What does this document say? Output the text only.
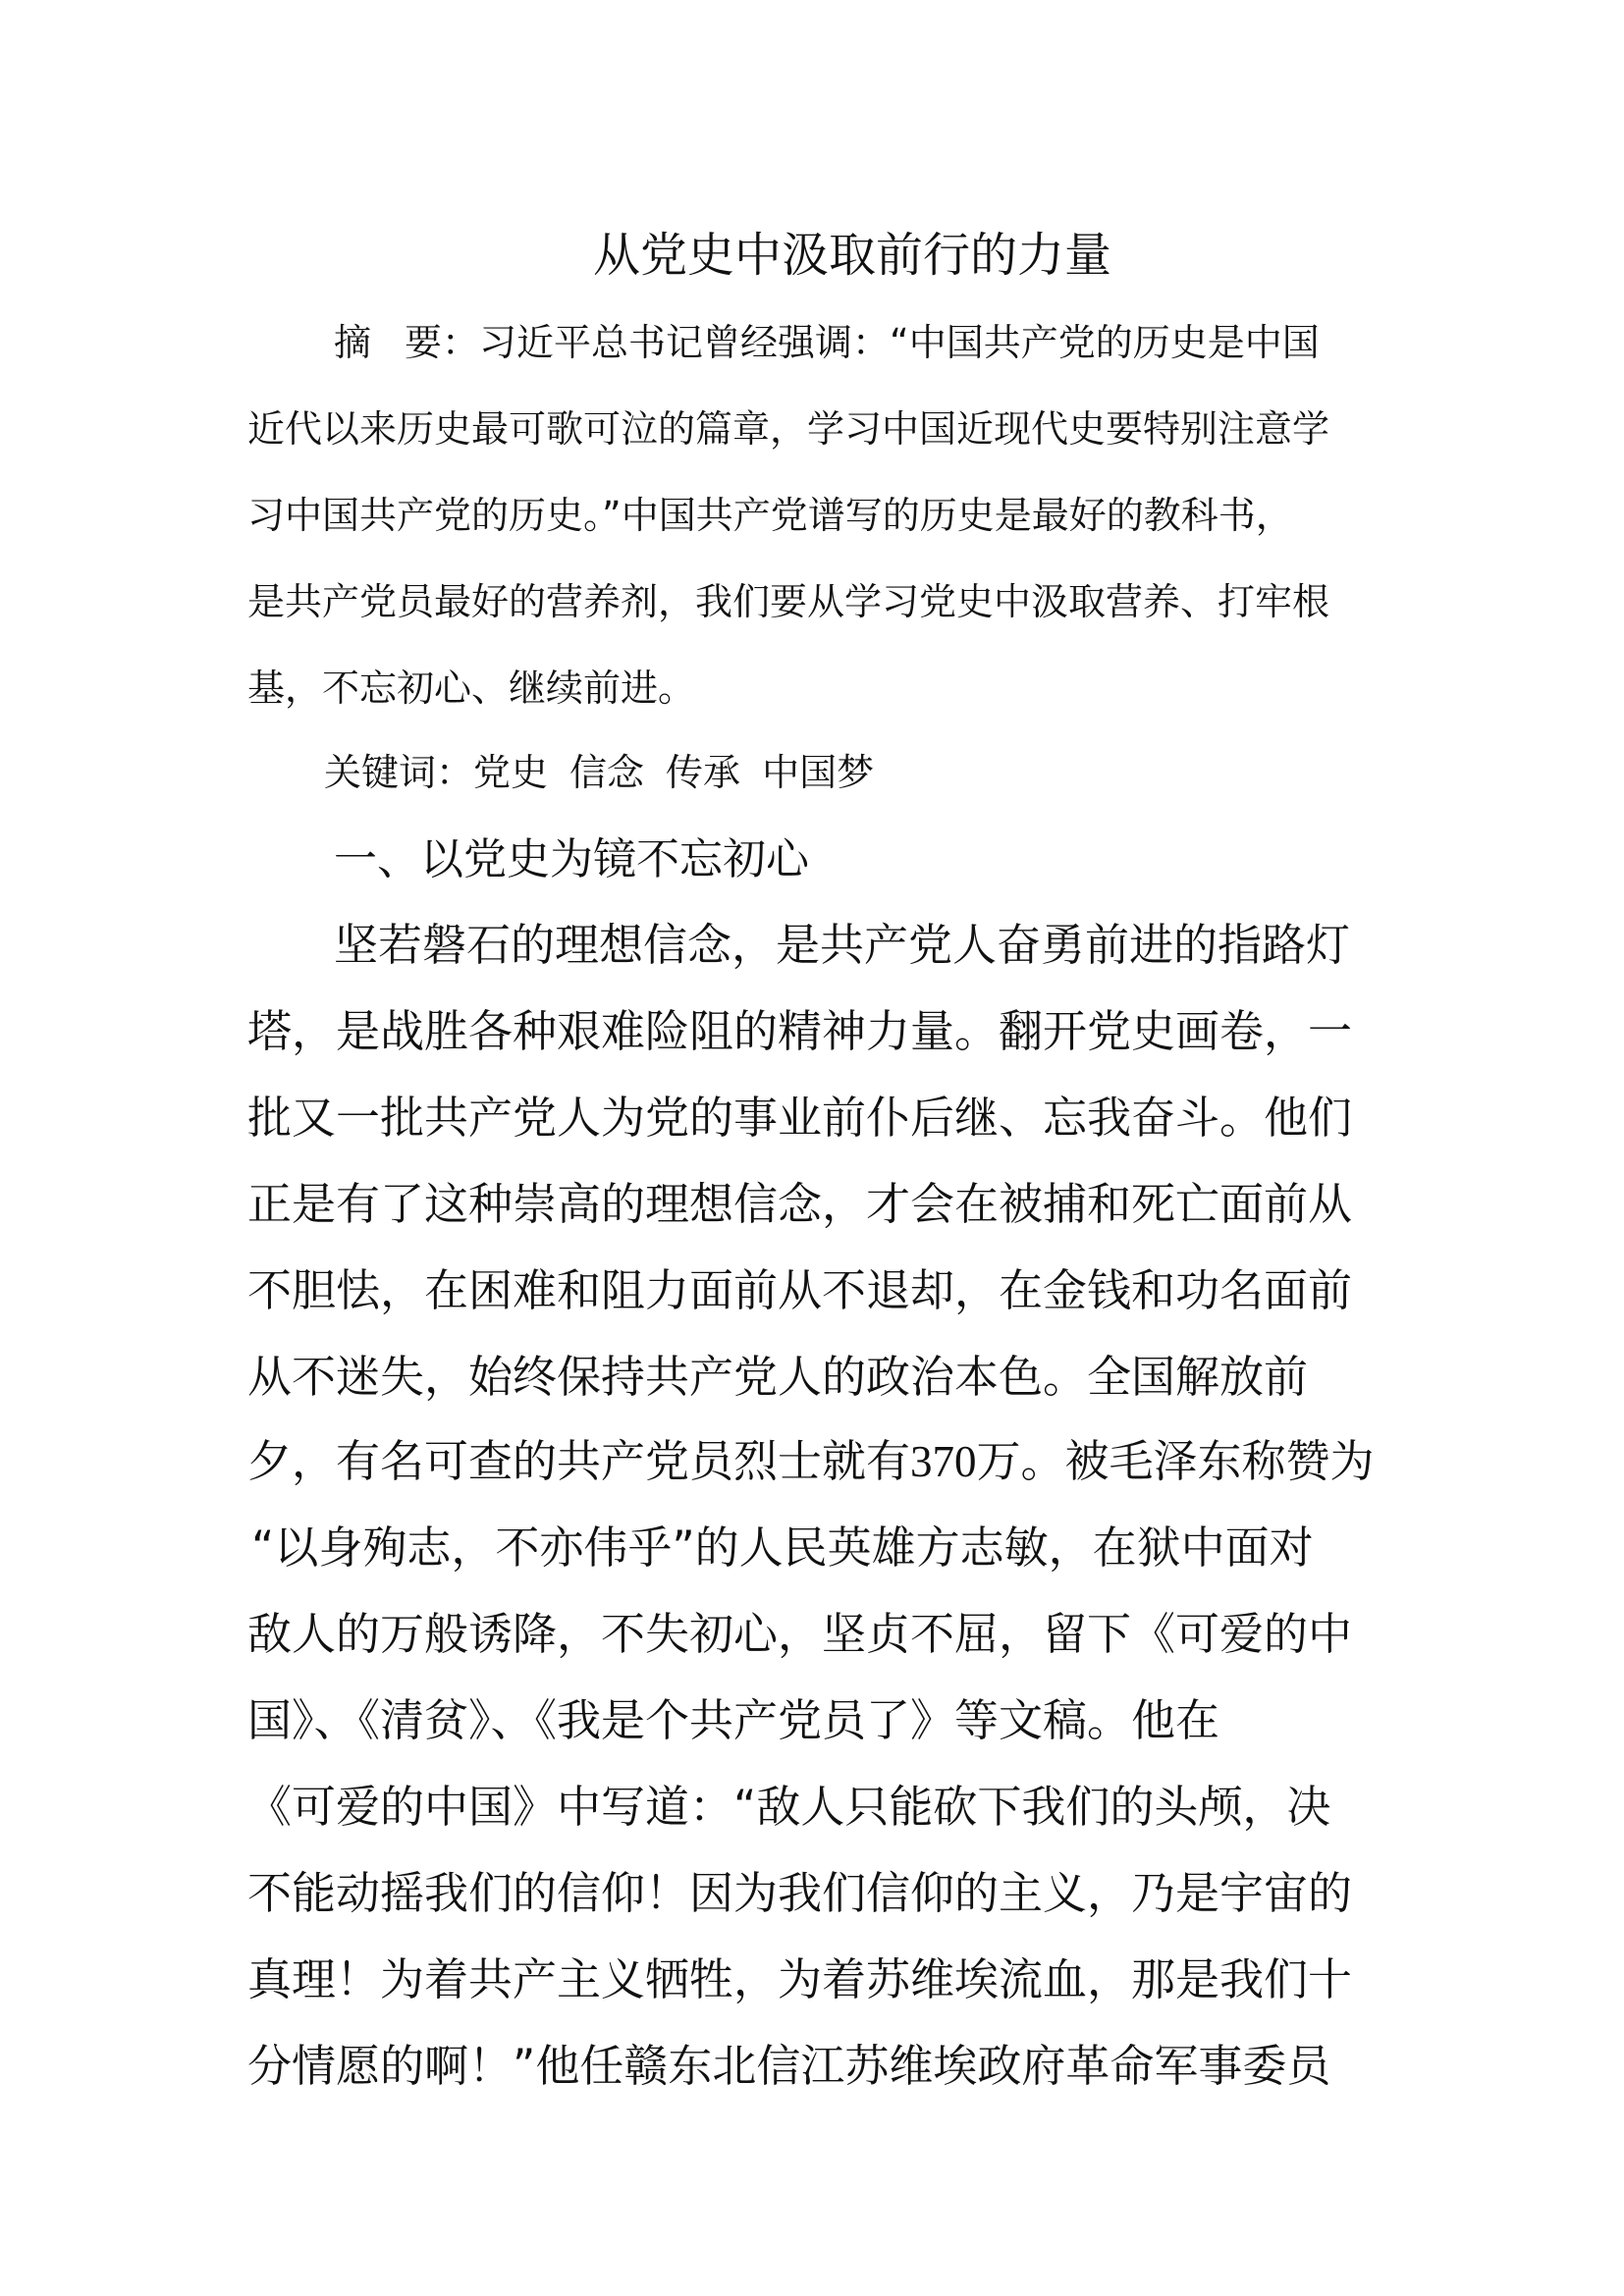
从党史中汲取前行的力量
摘 要：习近平总书记曾经强调：“中国共产党的历史是中国
近代以来历史最可歌可泣的篇章，学习中国近现代史要特别注意学
习中国共产党的历史。”中国共产党谱写的历史是最好的教科书，
是共产党员最好的营养剂，我们要从学习党史中汲取营养、打牢根
基，不忘初心、继续前进。
关键词：党史 信念 传承 中国梦
一、以党史为镜不忘初心
坚若磐石的理想信念，是共产党人奋勇前进的指路灯
塔，是战胜各种艰难险阻的精神力量。翻开党史画卷，一
批又一批共产党人为党的事业前仆后继、忘我奋斗。他们
正是有了这种崇高的理想信念，才会在被捕和死亡面前从
不胆怯，在困难和阻力面前从不退却，在金钱和功名面前
从不迷失，始终保持共产党人的政治本色。全国解放前
夕，有名可查的共产党员烈士就有370万。被毛泽东称赞为
“以身殉志，不亦伟乎”的人民英雄方志敏，在狱中面对
敌人的万般诱降，不失初心，坚贞不屈，留下《可爱的中
国》、《清贫》、《我是个共产党员了》等文稿。他在
《可爱的中国》中写道：“敌人只能砍下我们的头颅，决
不能动摇我们的信仰！因为我们信仰的主义，乃是宇宙的
真理！为着共产主义牺牲，为着苏维埃流血，那是我们十
分情愿的啊！”他任赣东北信江苏维埃政府革命军事委员
